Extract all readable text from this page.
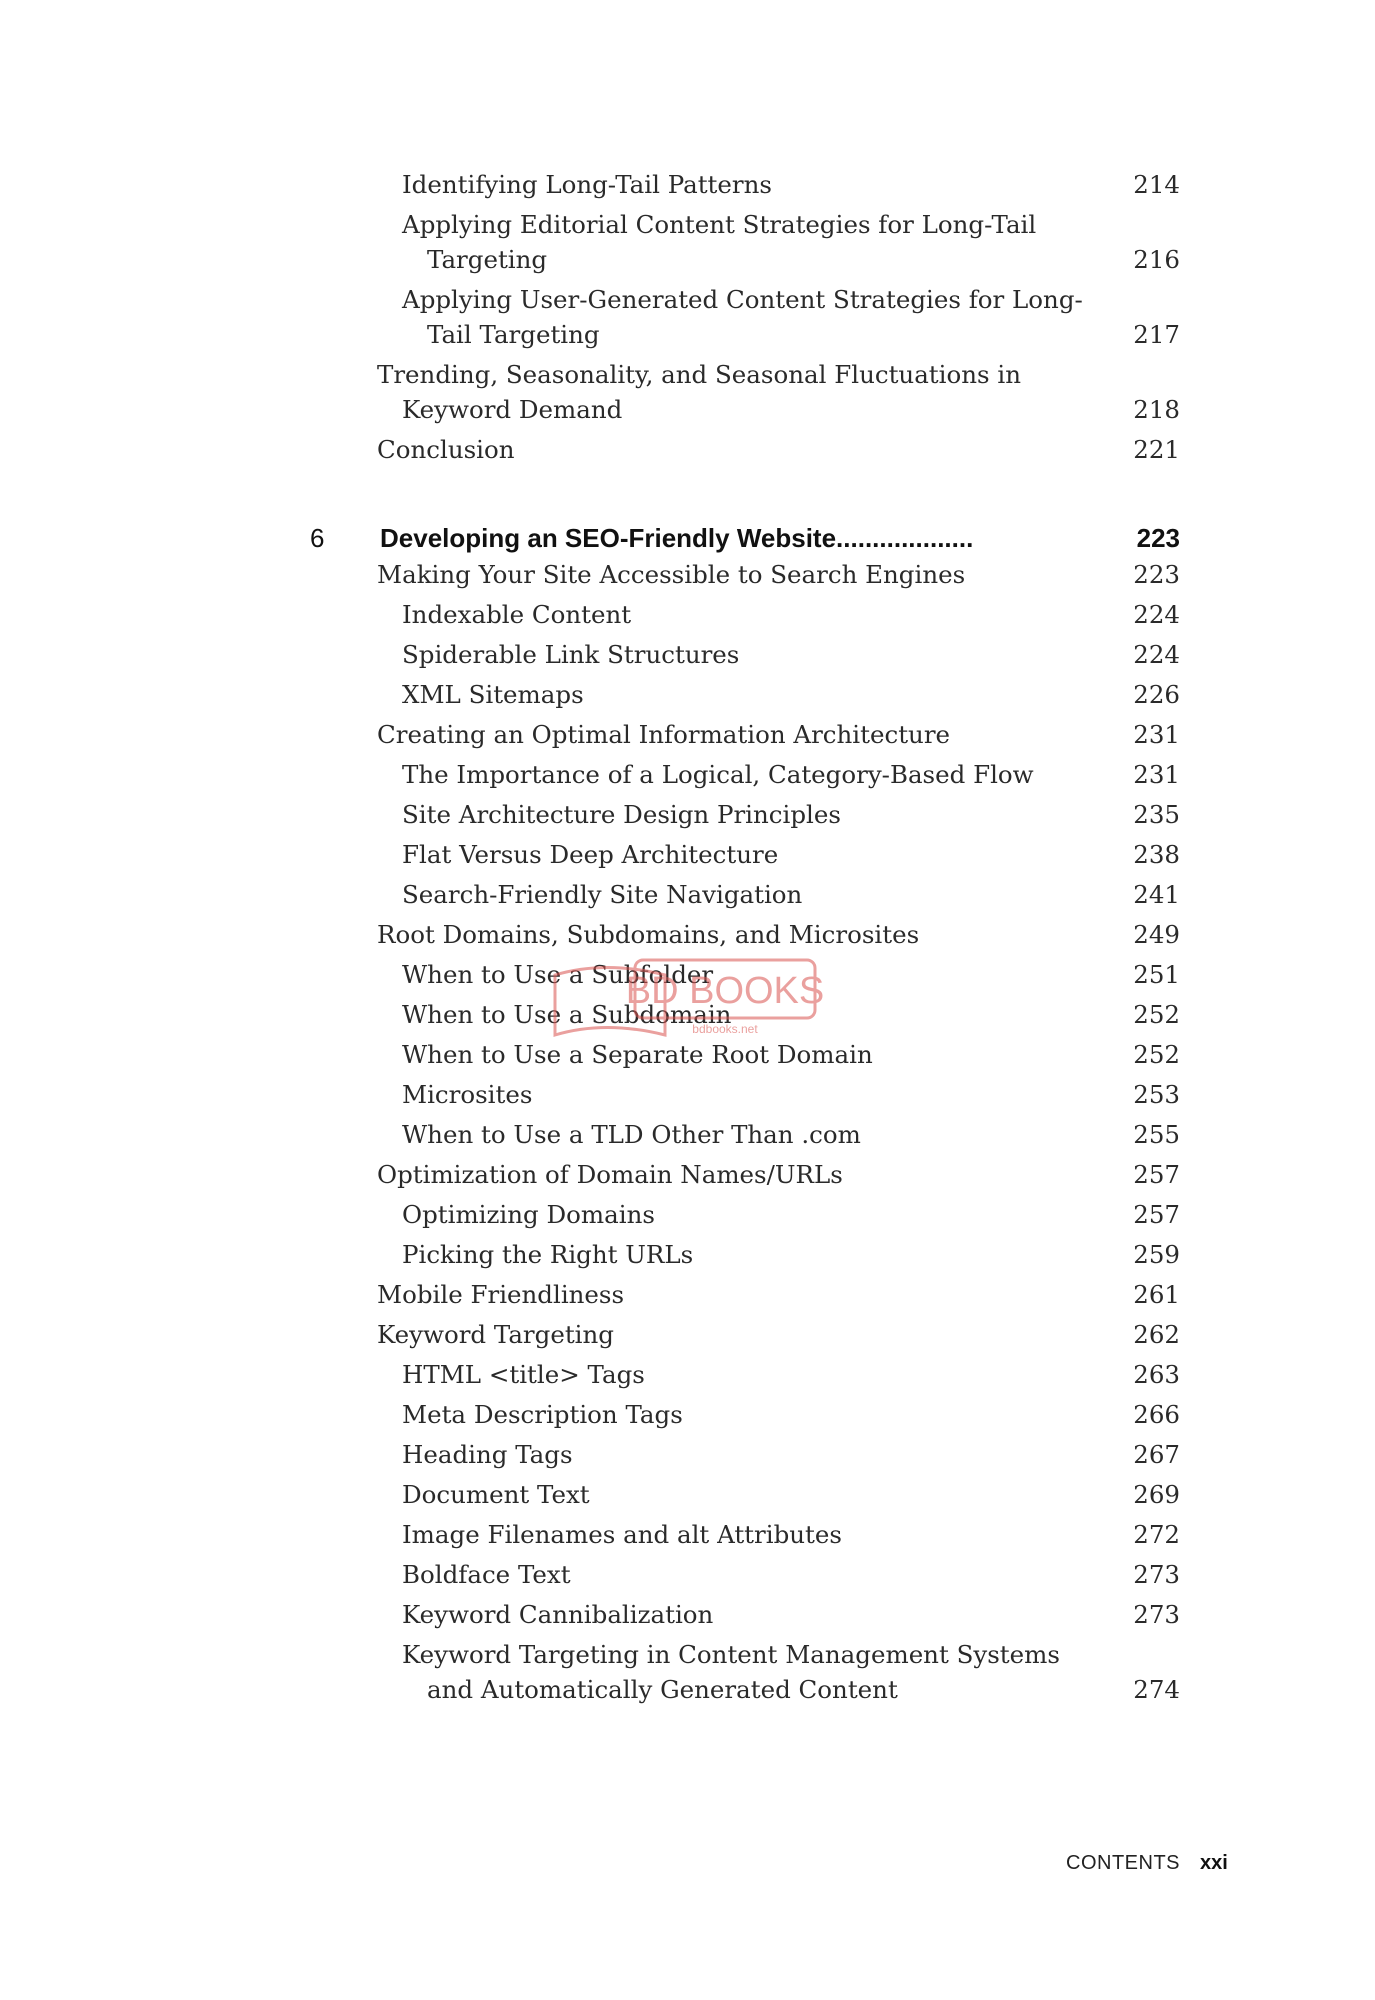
Identifying Long-Tail Patterns	214
Applying Editorial Content Strategies for Long-Tail
Targeting	216
Applying User-Generated Content Strategies for Long-
Tail Targeting	217
Trending, Seasonality, and Seasonal Fluctuations in
Keyword Demand	218
Conclusion	221
6 Developing an SEO-Friendly Website...................	223
Making Your Site Accessible to Search Engines	223
Indexable Content	224
Spiderable Link Structures	224
XML Sitemaps	226
Creating an Optimal Information Architecture	231
The Importance of a Logical, Category-Based Flow	231
Site Architecture Design Principles	235
Flat Versus Deep Architecture	238
Search-Friendly Site Navigation	241
Root Domains, Subdomains, and Microsites	249
When to Use a Subfolder	251
When to Use a Subdomain	252
When to Use a Separate Root Domain	252
Microsites	253
When to Use a TLD Other Than .com	255
Optimization of Domain Names/URLs	257
Optimizing Domains	257
Picking the Right URLs	259
Mobile Friendliness	261
Keyword Targeting	262
HTML <title> Tags	263
Meta Description Tags	266
Heading Tags	267
Document Text	269
Image Filenames and alt Attributes	272
Boldface Text	273
Keyword Cannibalization	273
Keyword Targeting in Content Management Systems
and Automatically Generated Content	274
BD BOOKS
bdbooks.net
CONTENTS xxi
